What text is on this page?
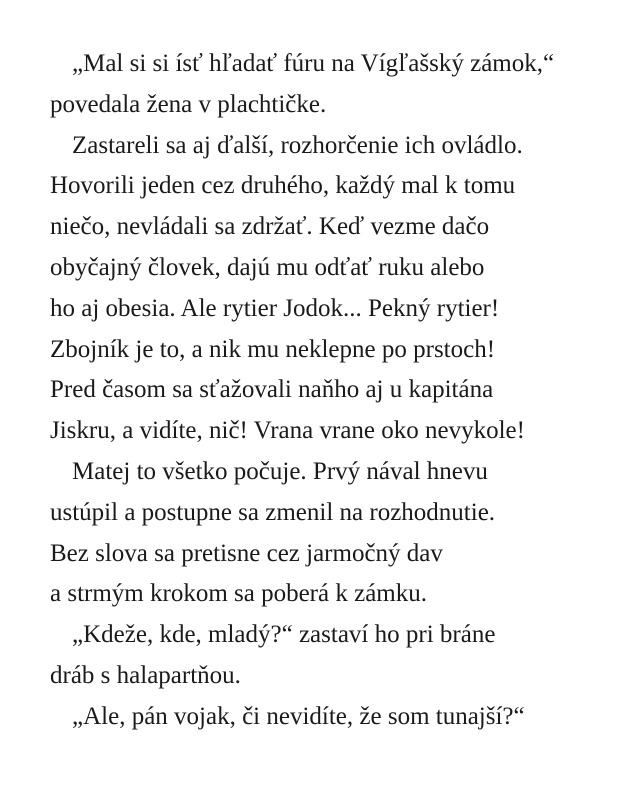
„Mal si si ísť hľadať fúru na Vígľašský zámok,“
povedala žena v plachtičke.
Zastareli sa aj ďalší, rozhorčenie ich ovládlo.
Hovorili jeden cez druhého, každý mal k tomu
niečo, nevládali sa zdržať. Keď vezme dačo
obyčajný človek, dajú mu odťať ruku alebo
ho aj obesia. Ale rytier Jodok... Pekný rytier!
Zbojník je to, a nik mu neklepne po prstoch!
Pred časom sa sťažovali naňho aj u kapitána
Jiskru, a vidíte, nič! Vrana vrane oko nevykole!
Matej to všetko počuje. Prvý nával hnevu
ustúpil a postupne sa zmenil na rozhodnutie.
Bez slova sa pretisne cez jarmočný dav
a strmým krokom sa poberá k zámku.
„Kdeže, kde, mladý?“ zastaví ho pri bráne
dráb s halapartňou.
„Ale, pán vojak, či nevidíte, že som tunajší?“
